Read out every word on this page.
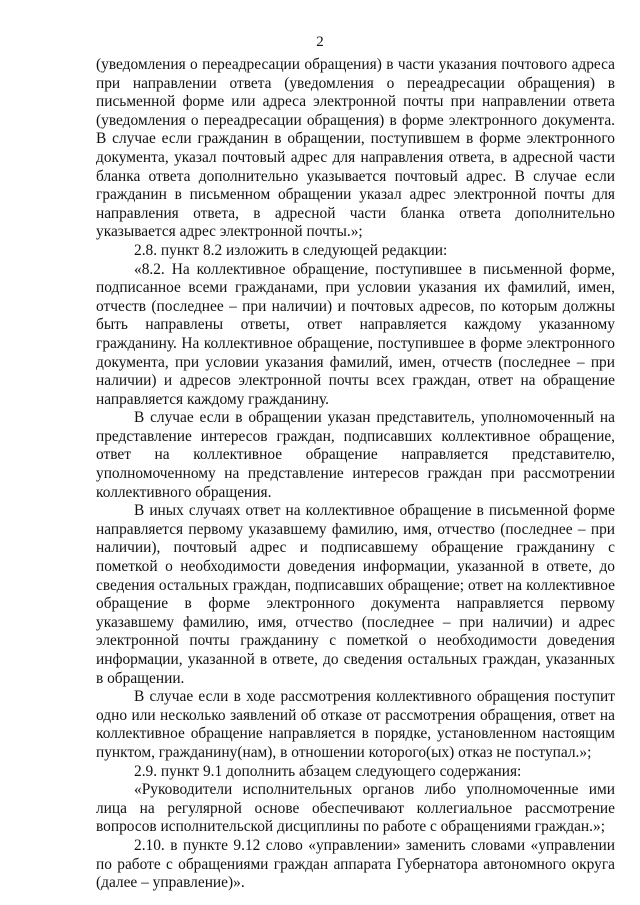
2

(уведомления о переадресации обращения) в части указания почтового адреса при направлении ответа (уведомления о переадресации обращения) в письменной форме или адреса электронной почты при направлении ответа (уведомления о переадресации обращения) в форме электронного документа. В случае если гражданин в обращении, поступившем в форме электронного документа, указал почтовый адрес для направления ответа, в адресной части бланка ответа дополнительно указывается почтовый адрес. В случае если гражданин в письменном обращении указал адрес электронной почты для направления ответа, в адресной части бланка ответа дополнительно указывается адрес электронной почты.»;

2.8. пункт 8.2 изложить в следующей редакции:

«8.2. На коллективное обращение, поступившее в письменной форме, подписанное всеми гражданами, при условии указания их фамилий, имен, отчеств (последнее – при наличии) и почтовых адресов, по которым должны быть направлены ответы, ответ направляется каждому указанному гражданину. На коллективное обращение, поступившее в форме электронного документа, при условии указания фамилий, имен, отчеств (последнее – при наличии) и адресов электронной почты всех граждан, ответ на обращение направляется каждому гражданину.

В случае если в обращении указан представитель, уполномоченный на представление интересов граждан, подписавших коллективное обращение, ответ на коллективное обращение направляется представителю, уполномоченному на представление интересов граждан при рассмотрении коллективного обращения.

В иных случаях ответ на коллективное обращение в письменной форме направляется первому указавшему фамилию, имя, отчество (последнее – при наличии), почтовый адрес и подписавшему обращение гражданину с пометкой о необходимости доведения информации, указанной в ответе, до сведения остальных граждан, подписавших обращение; ответ на коллективное обращение в форме электронного документа направляется первому указавшему фамилию, имя, отчество (последнее – при наличии) и адрес электронной почты гражданину с пометкой о необходимости доведения информации, указанной в ответе, до сведения остальных граждан, указанных в обращении.

В случае если в ходе рассмотрения коллективного обращения поступит одно или несколько заявлений об отказе от рассмотрения обращения, ответ на коллективное обращение направляется в порядке, установленном настоящим пунктом, гражданину(нам), в отношении которого(ых) отказ не поступал.»;

2.9. пункт 9.1 дополнить абзацем следующего содержания:

«Руководители исполнительных органов либо уполномоченные ими лица на регулярной основе обеспечивают коллегиальное рассмотрение вопросов исполнительской дисциплины по работе с обращениями граждан.»;

2.10. в пункте 9.12 слово «управлении» заменить словами «управлении по работе с обращениями граждан аппарата Губернатора автономного округа (далее – управление)».
